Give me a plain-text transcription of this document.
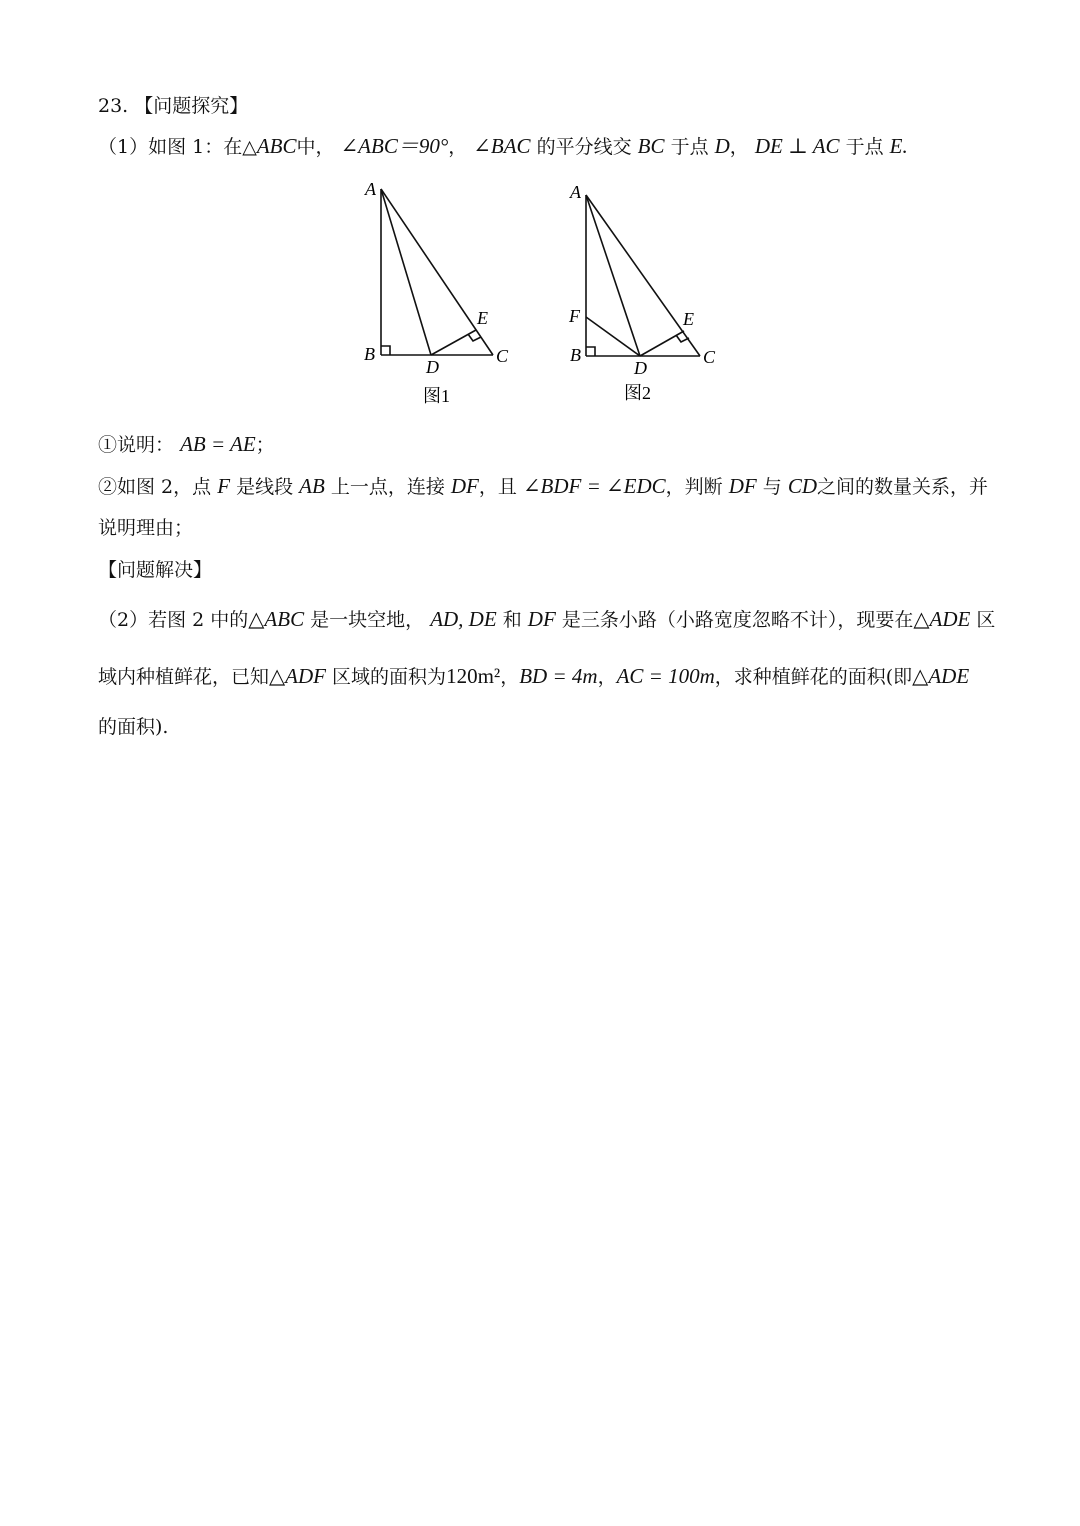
23. 【问题探究】
（1）如图 1：在△ABC中， ∠ABC＝90°， ∠BAC 的平分线交 BC 于点 D， DE ⊥ AC 于点 E.
A
B	C
D
E
图1
A
F
B	C
D
E
图2
①说明： AB = AE；
②如图 2，点 F 是线段 AB 上一点，连接 DF，且 ∠BDF = ∠EDC，判断 DF 与 CD之间的数量关系，并
说明理由；
【问题解决】
（2）若图 2 中的△ABC 是一块空地， AD, DE 和 DF 是三条小路（小路宽度忽略不计），现要在△ADE 区
域内种植鲜花，已知△ADF 区域的面积为120m²，BD = 4m，AC = 100m，求种植鲜花的面积(即△ADE
的面积).
